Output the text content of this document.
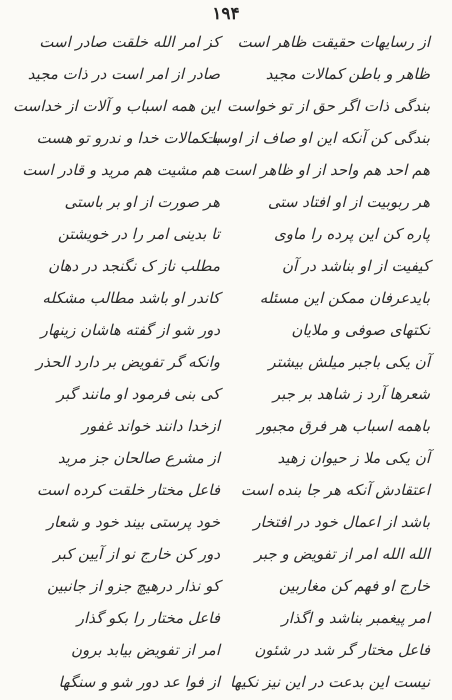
۱۹۴
از رسایهات حقیقت ظاهر است
ظاهر و باطن کمالات مجید
بندگی ذات اگر حق از تو خواست
بندگی کن آنکه این او صاف از اوست
هم احد هم واحد از او ظاهر است
هر ربوبیت از او افتاد ستی
پاره کن این پرده را ماوی
کیفیت از او بناشد در آن
بایدعرفان ممکن این مسئله
نکتهای صوفی و ملایان
آن یکی باجبر میلش بیشتر
شعرها آرد ز شاهد بر جبر
باهمه اسباب هر فرق مجبور
آن یکی ملا ز حیوان زهید
اعتقادش آنکه هر جا بنده است
باشد از اعمال خود در افتخار
الله الله امر از تفویض و جبر
خارج او فهم کن مغاربین
امر پیغمبر بناشد و اگذار
فاعل مختار گر شد در شئون
نیست این بدعت در این نیز نکیها
کز امر الله خلقت صادر است
صادر از امر است در ذات مجید
این همه اسباب و آلات از خداست
با کمالات خدا و ندرو تو هست
هم مشیت هم مرید و قادر است
هر صورت از او بر باستی
تا بدینی امر را در خویشتن
مطلب ناز ک نگنجد در دهان
کاندر او باشد مطالب مشکله
دور شو از گفته هاشان زینهار
وانکه گر تفویض بر دارد الحذر
کی بنی فرمود او مانند گبر
ازخدا دانند خواند غفور
از مشرع صالحان جز مرید
فاعل مختار خلقت کرده است
خود پرستی بیند خود و شعار
دور کن خارج نو از آیین کبر
کو نذار درهیچ جزو از جانبین
فاعل مختار را بکو گذار
امر از تفویض بیابد برون
از فوا عد دور شو و سنگها
